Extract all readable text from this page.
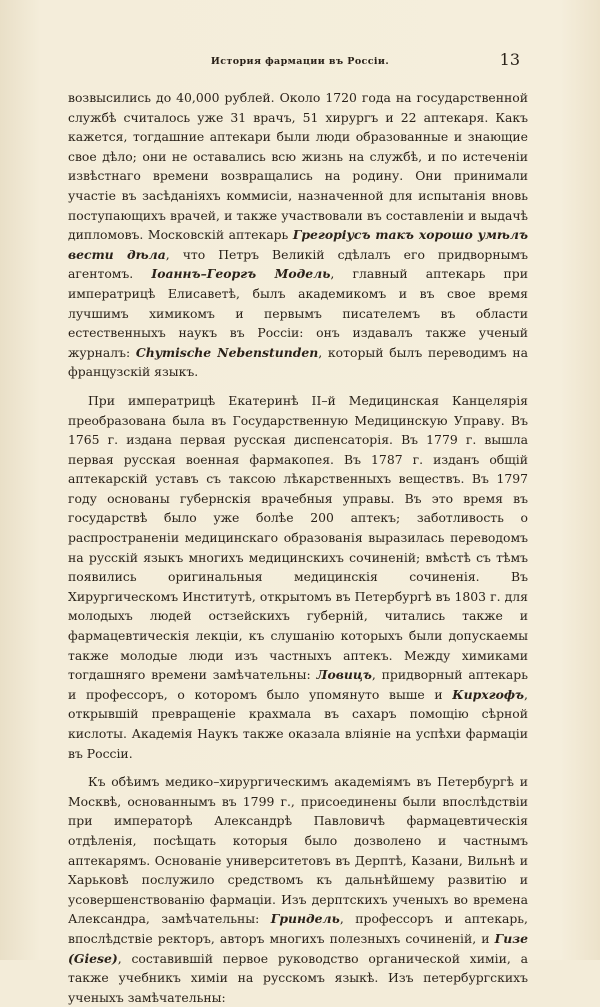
История фармации въ Россіи.	13

возвысились до 40,000 рублей. Около 1720 года на государственной службѣ считалось уже 31 врачъ, 51 хирургъ и 22 аптекаря. Какъ кажется, тогдашние аптекари были люди образованные и знающие свое дѣло; они не оставались всю жизнь на службѣ, и по истеченіи извѣстнаго времени возвращались на родину. Они принимали участіе въ засѣданіяхъ коммисіи, назначенной для испытанія вновь поступающихъ врачей, и также участвовали въ составленіи и выдачѣ дипломовъ. Московскій аптекарь Грегоріусъ такъ хорошо умѣлъ вести дѣла, что Петръ Великій сдѣлалъ его придворнымъ агентомъ. Іоаннъ–Георгъ Модель, главный аптекарь при императрицѣ Елисаветѣ, былъ академикомъ и въ свое время лучшимъ химикомъ и первымъ писателемъ въ области естественныхъ наукъ въ Россіи: онъ издавалъ также ученый журналъ: Chymische Nebenstunden, который былъ переводимъ на французскій языкъ.

При императрицѣ Екатеринѣ II–й Медицинская Канцелярія преобразована была въ Государственную Медицинскую Управу. Въ 1765 г. издана первая русская диспенсаторія. Въ 1779 г. вышла первая русская военная фармакопея. Въ 1787 г. изданъ общій аптекарскій уставъ съ таксою лѣкарственныхъ веществъ. Въ 1797 году основаны губернскія врачебныя управы. Въ это время въ государствѣ было уже болѣе 200 аптекъ; заботливость о распространеніи медицинскаго образованія выразилась переводомъ на русскій языкъ многихъ медицинскихъ сочиненій; вмѣстѣ съ тѣмъ появились оригинальныя медицинскія сочиненія. Въ Хирургическомъ Институтѣ, открытомъ въ Петербургѣ въ 1803 г. для молодыхъ людей остзейскихъ губерній, читались также и фармацевтическія лекціи, къ слушанію которыхъ были допускаемы также молодые люди изъ частныхъ аптекъ. Между химиками тогдашняго времени замѣчательны: Ловицъ, придворный аптекарь и профессоръ, о которомъ было упомянуто выше и Кирхгофъ, открывшій превращеніе крахмала въ сахаръ помощію сѣрной кислоты. Академія Наукъ также оказала вліяніе на успѣхи фармаціи въ Россіи.

Къ обѣимъ медико–хирургическимъ академіямъ въ Петербургѣ и Москвѣ, основаннымъ въ 1799 г., присоединены были впослѣдствіи при императорѣ Александрѣ Павловичѣ фармацевтическія отдѣленія, посѣщать которыя было дозволено и частнымъ аптекарямъ. Основаніе университетовъ въ Дерптѣ, Казани, Вильнѣ и Харьковѣ послужило средствомъ къ дальнѣйшему развитію и усовершенствованію фармаціи. Изъ дерптскихъ ученыхъ во времена Александра, замѣчательны: Гриндель, профессоръ и аптекарь, впослѣдствіе ректоръ, авторъ многихъ полезныхъ сочиненій, и Гизе (Giese), составившій первое руководство органической химіи, а также учебникъ химіи на русскомъ языкѣ. Изъ петербургскихъ ученыхъ замѣчательны:
